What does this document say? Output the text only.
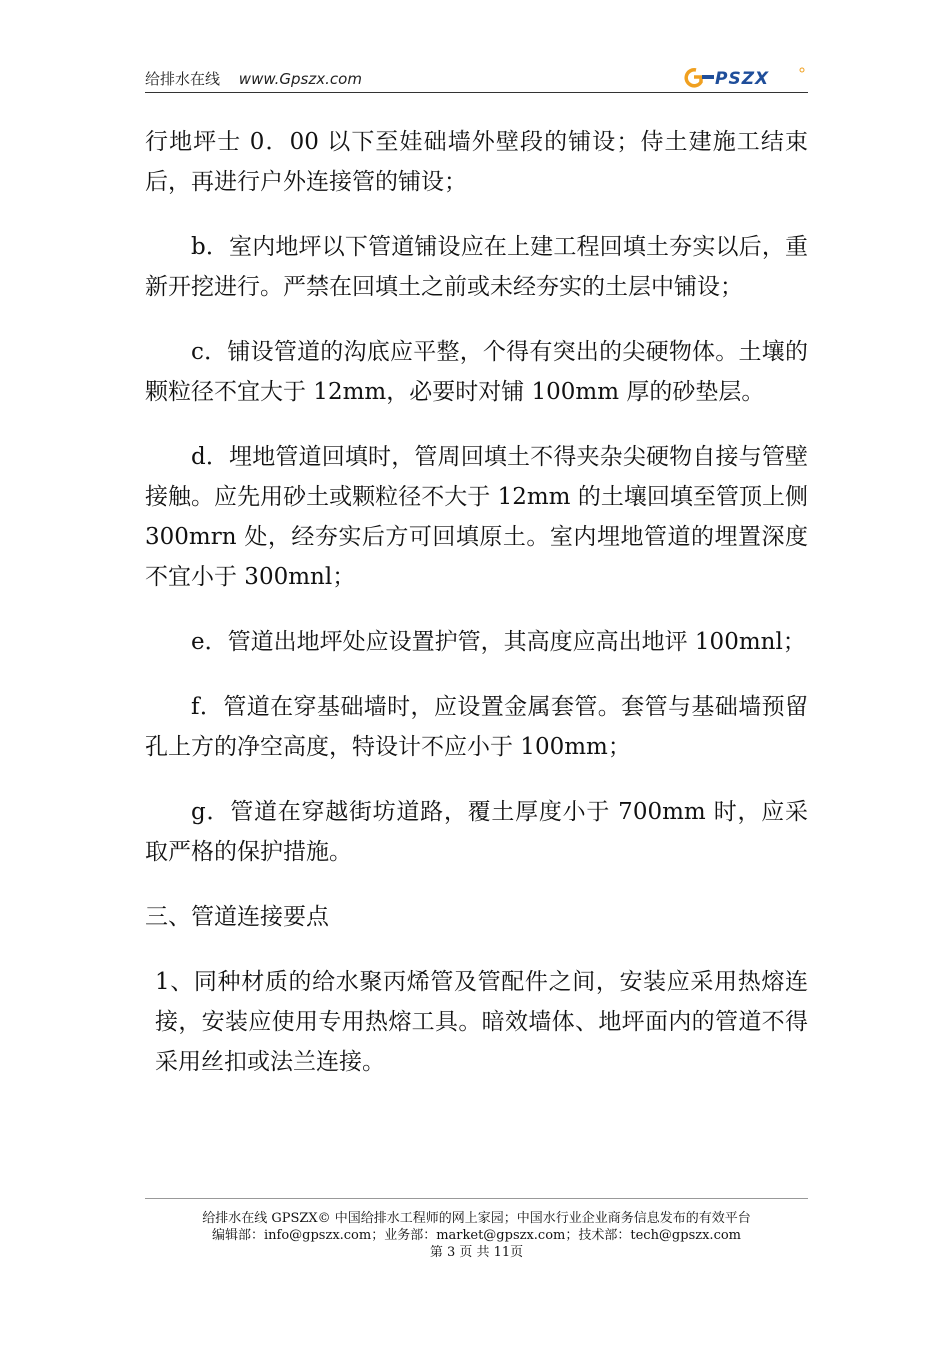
给排水在线 www.Gpszx.com	PSZX

行地坪士 0．00 以下至娃础墙外壁段的铺设；侍土建施工结束后，再进行户外连接管的铺设；

b．室内地坪以下管道铺设应在上建工程回填土夯实以后，重新开挖进行。严禁在回填土之前或未经夯实的土层中铺设；

c．铺设管道的沟底应平整，个得有突出的尖硬物体。土壤的颗粒径不宜大于 12mm，必要时对铺 100mm 厚的砂垫层。

d．埋地管道回填时，管周回填土不得夹杂尖硬物自接与管壁接触。应先用砂土或颗粒径不大于 12mm 的土壤回填至管顶上侧 300mrn 处，经夯实后方可回填原土。室内埋地管道的埋置深度不宜小于 300mnl；

e．管道出地坪处应设置护管，其高度应高出地评 100mnl；

f．管道在穿基础墙时，应设置金属套管。套管与基础墙预留孔上方的净空高度，特设计不应小于 100mm；

g．管道在穿越街坊道路，覆土厚度小于 700mm 时，应采取严格的保护措施。

三、管道连接要点

1、同种材质的给水聚丙烯管及管配件之间，安装应采用热熔连接，安装应使用专用热熔工具。暗效墙体、地坪面内的管道不得采用丝扣或法兰连接。

给排水在线 GPSZX© 中国给排水工程师的网上家园；中国水行业企业商务信息发布的有效平台
编辑部：info@gpszx.com；业务部：market@gpszx.com；技术部：tech@gpszx.com
第 3 页 共 11页
